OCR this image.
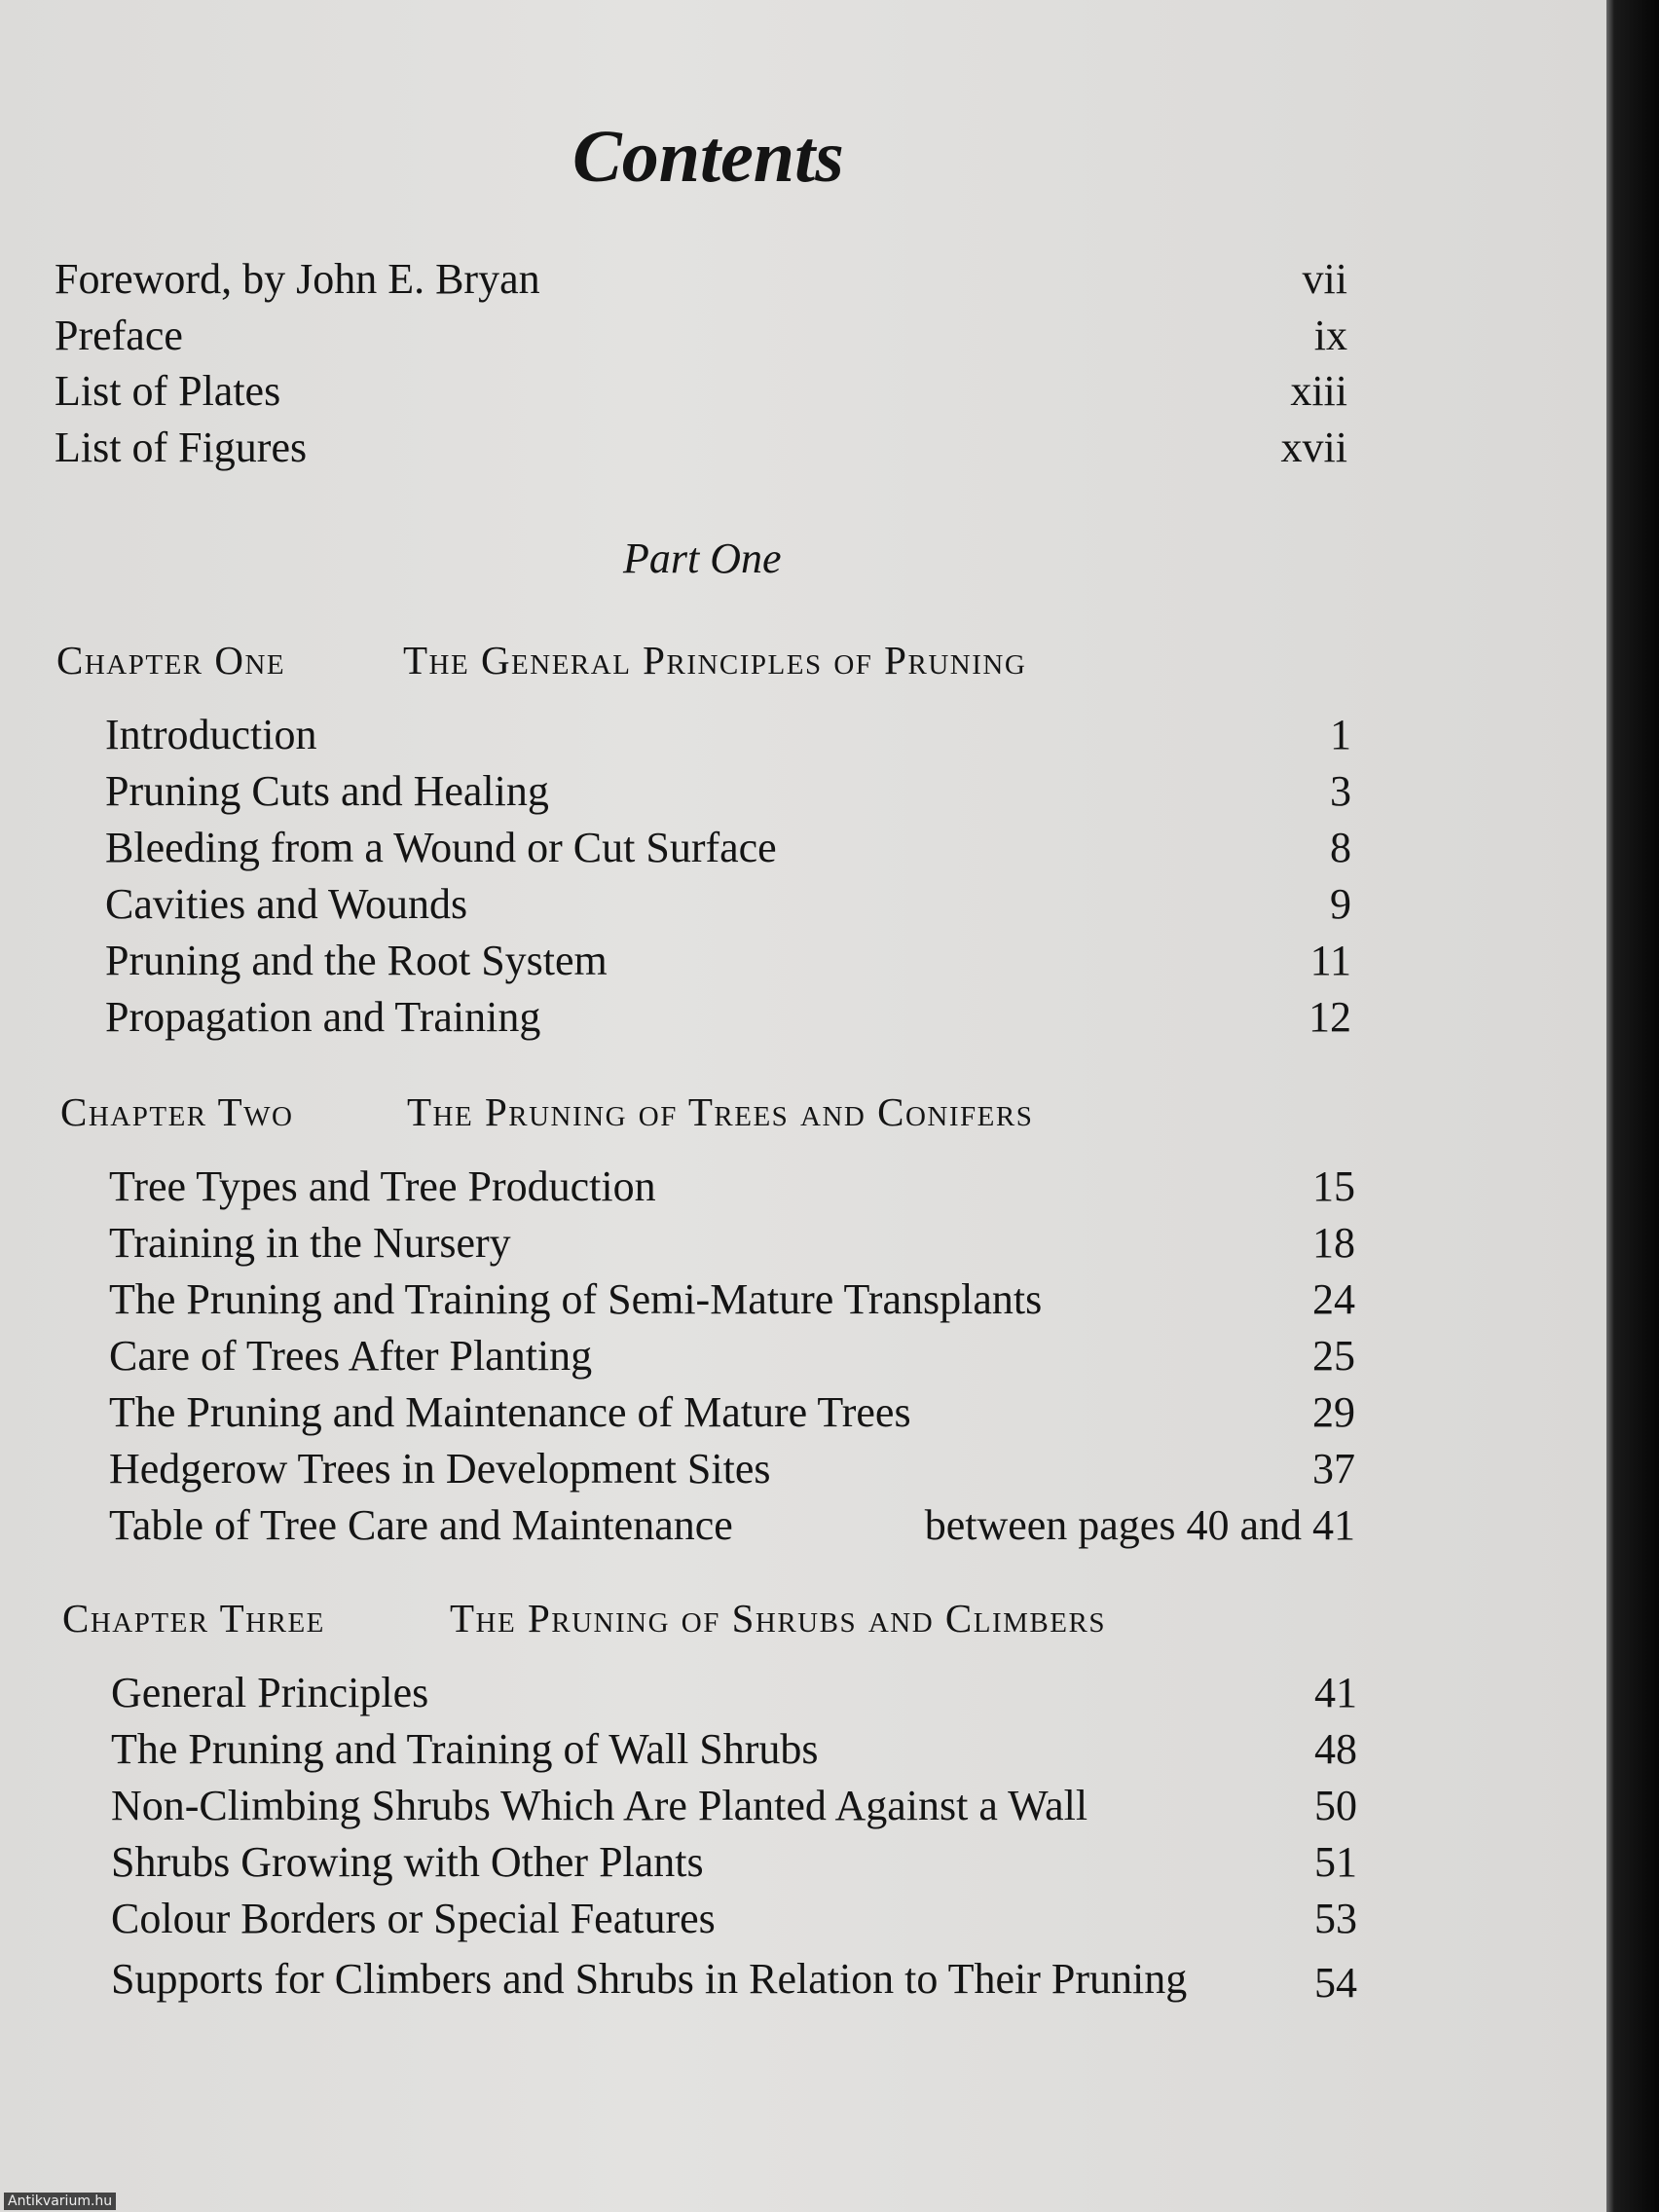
Contents
Foreword, by John E. Bryan	vii
Preface	ix
List of Plates	xiii
List of Figures	xvii
Part One
Chapter One	The General Principles of Pruning
Introduction	1
Pruning Cuts and Healing	3
Bleeding from a Wound or Cut Surface	8
Cavities and Wounds	9
Pruning and the Root System	11
Propagation and Training	12
Chapter Two	The Pruning of Trees and Conifers
Tree Types and Tree Production	15
Training in the Nursery	18
The Pruning and Training of Semi-Mature Transplants	24
Care of Trees After Planting	25
The Pruning and Maintenance of Mature Trees	29
Hedgerow Trees in Development Sites	37
Table of Tree Care and Maintenance	between pages 40 and 41
Chapter Three	The Pruning of Shrubs and Climbers
General Principles	41
The Pruning and Training of Wall Shrubs	48
Non-Climbing Shrubs Which Are Planted Against a Wall	50
Shrubs Growing with Other Plants	51
Colour Borders or Special Features	53
Supports for Climbers and Shrubs in Relation to Their Pruning	54
Antikvarium.hu
